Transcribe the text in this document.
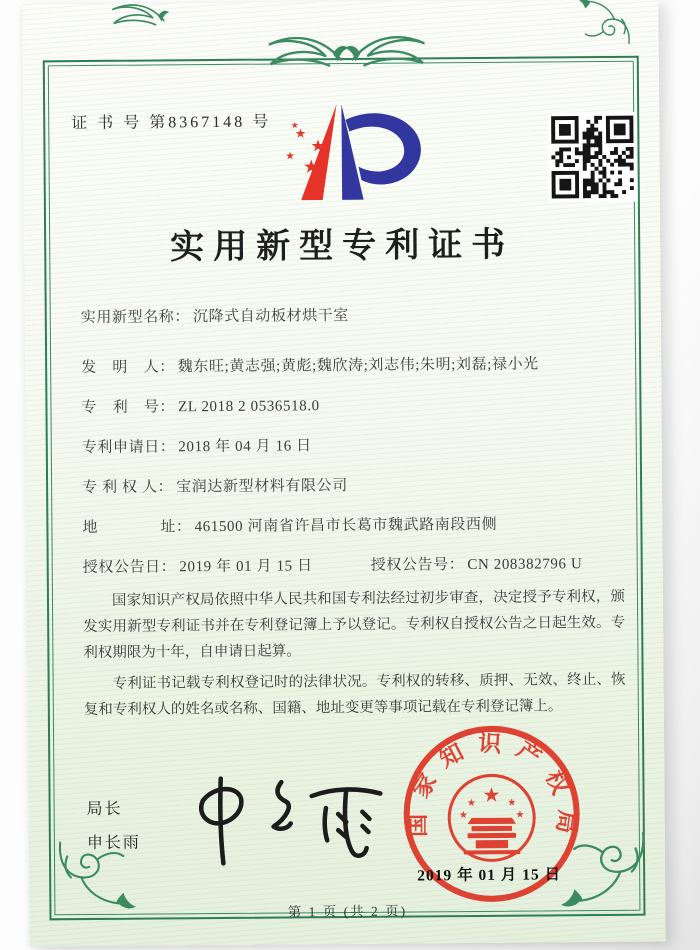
证 书 号 第8367148 号
★
★
★
★
★
实用新型专利证书
实用新型名称： 沉降式自动板材烘干室
发　明　人： 魏东旺;黄志强;黄彪;魏欣涛;刘志伟;朱明;刘磊;禄小光
专　利　号： ZL 2018 2 0536518.0
专利申请日： 2018 年 04 月 16 日
专 利 权 人： 宝润达新型材料有限公司
地　　　　址： 461500 河南省许昌市长葛市魏武路南段西侧
授权公告日： 2019 年 01 月 15 日	授权公告号： CN 208382796 U

国家知识产权局依照中华人民共和国专利法经过初步审查，决定授予专利权，颁发实用新型专利证书并在专利登记簿上予以登记。专利权自授权公告之日起生效。专利权期限为十年，自申请日起算。

专利证书记载专利权登记时的法律状况。专利权的转移、质押、无效、终止、恢复和专利权人的姓名或名称、国籍、地址变更等事项记载在专利登记簿上。

局长
申长雨
国家知识产权局
★
★	★
★	★
2019 年 01 月 15 日
第 1 页 (共 2 页)
